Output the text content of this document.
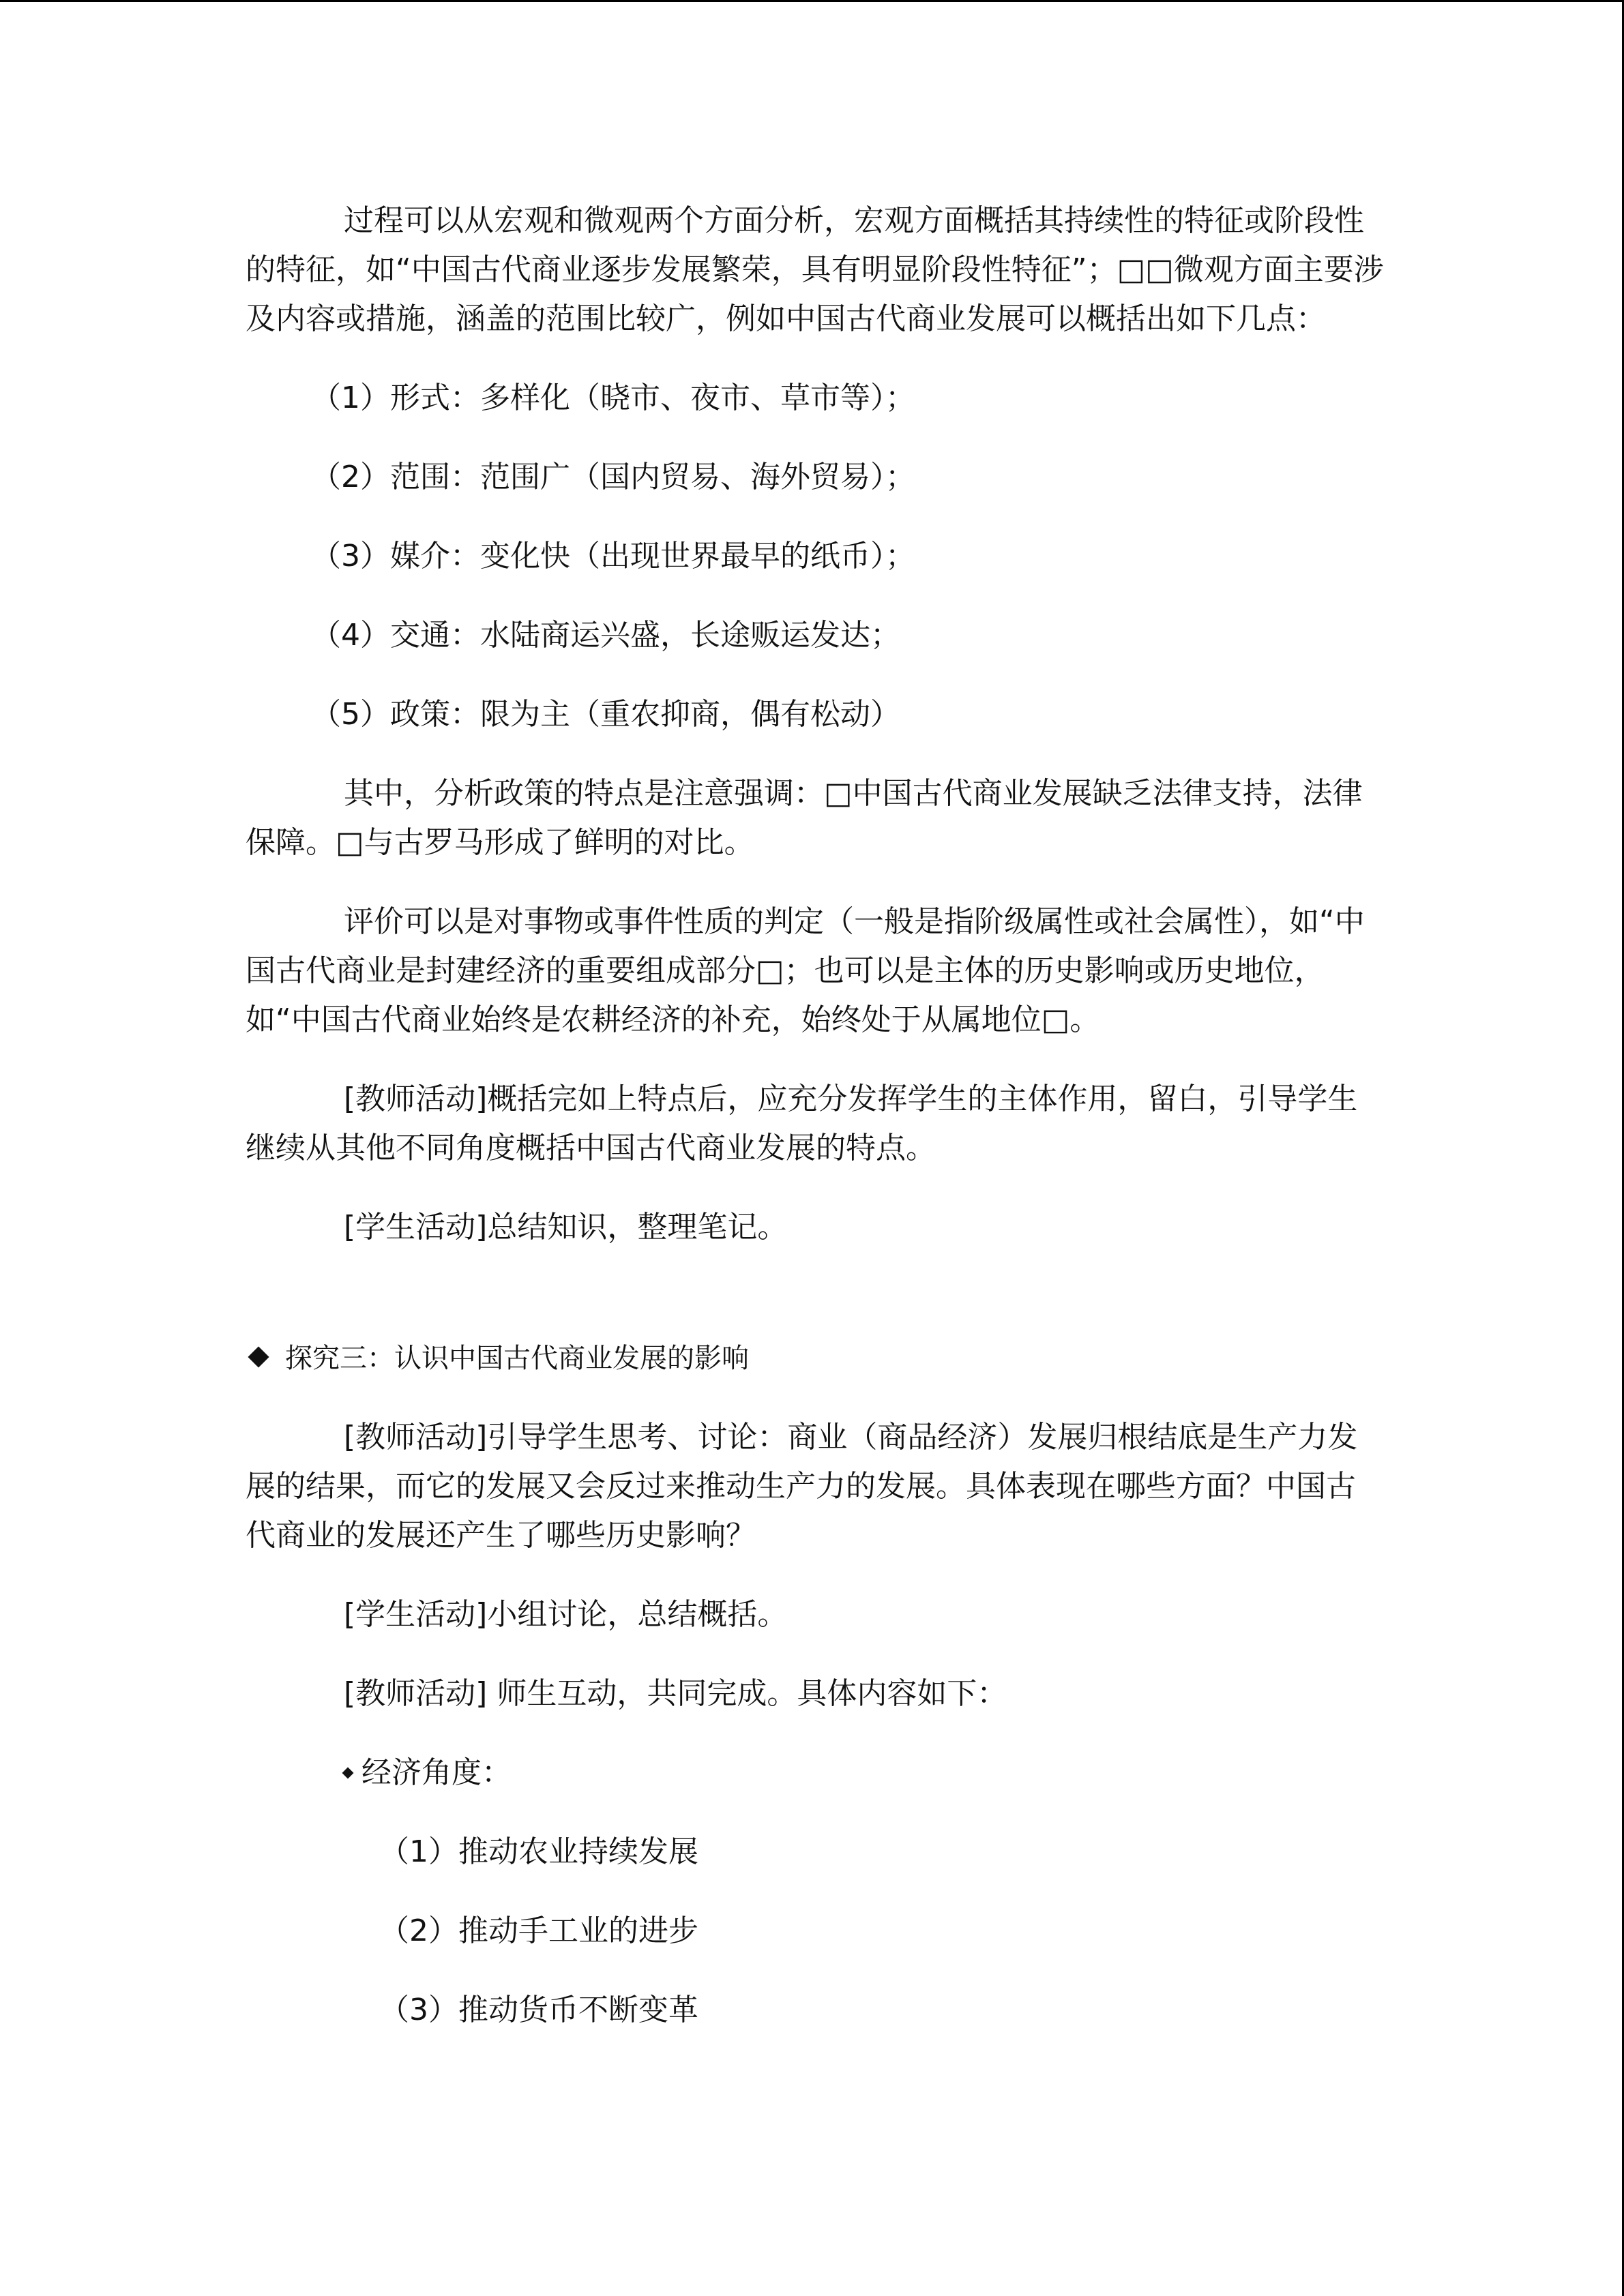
过程可以从宏观和微观两个方面分析，宏观方面概括其持续性的特征或阶段性的特征，如“中国古代商业逐步发展繁荣，具有明显阶段性特征”；□□微观方面主要涉及内容或措施，涵盖的范围比较广，例如中国古代商业发展可以概括出如下几点：

（1）形式：多样化（晓市、夜市、草市等）；

（2）范围：范围广（国内贸易、海外贸易）；

（3）媒介：变化快（出现世界最早的纸币）；

（4）交通：水陆商运兴盛，长途贩运发达；

（5）政策：限为主（重农抑商，偶有松动）

其中，分析政策的特点是注意强调：□中国古代商业发展缺乏法律支持，法律保障。□与古罗马形成了鲜明的对比。

评价可以是对事物或事件性质的判定（一般是指阶级属性或社会属性），如“中国古代商业是封建经济的重要组成部分□；也可以是主体的历史影响或历史地位，如“中国古代商业始终是农耕经济的补充，始终处于从属地位□。

[教师活动]概括完如上特点后，应充分发挥学生的主体作用，留白，引导学生继续从其他不同角度概括中国古代商业发展的特点。

[学生活动]总结知识，整理笔记。

探究三：认识中国古代商业发展的影响

[教师活动]引导学生思考、讨论：商业（商品经济）发展归根结底是生产力发展的结果，而它的发展又会反过来推动生产力的发展。具体表现在哪些方面？中国古代商业的发展还产生了哪些历史影响？

[学生活动]小组讨论，总结概括。

[教师活动] 师生互动，共同完成。具体内容如下：

经济角度：

（1）推动农业持续发展

（2）推动手工业的进步

（3）推动货币不断变革
